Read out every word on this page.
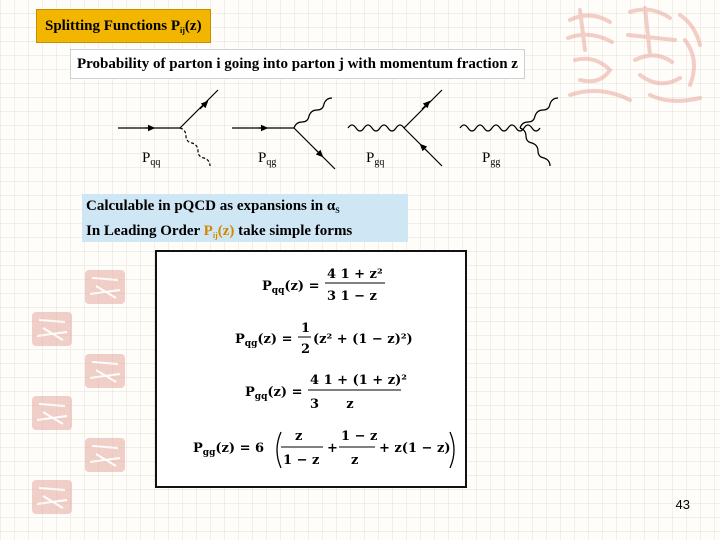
Splitting Functions $P_{ij}(z)$
Probability of parton i going into parton j with momentum fraction z
$P_{qq}$	$P_{qg}$	$P_{gq}$	$P_{gg}$
Calculable in pQCD as expansions in $\alpha_S$
In Leading Order $P_{ij}(z)$ take simple forms
$P_{qq}(z)$ =
4 1 + z²
3 1 − z
$P_{qg}(z)$ =
1
2
(z² + (1 − z)²)
$P_{gq}(z)$ =
4 1 + (1 + z)²
3      z
$P_{gg}(z) = 6$
z
1 − z
+
1 − z
z
+ z(1 − z)
43
